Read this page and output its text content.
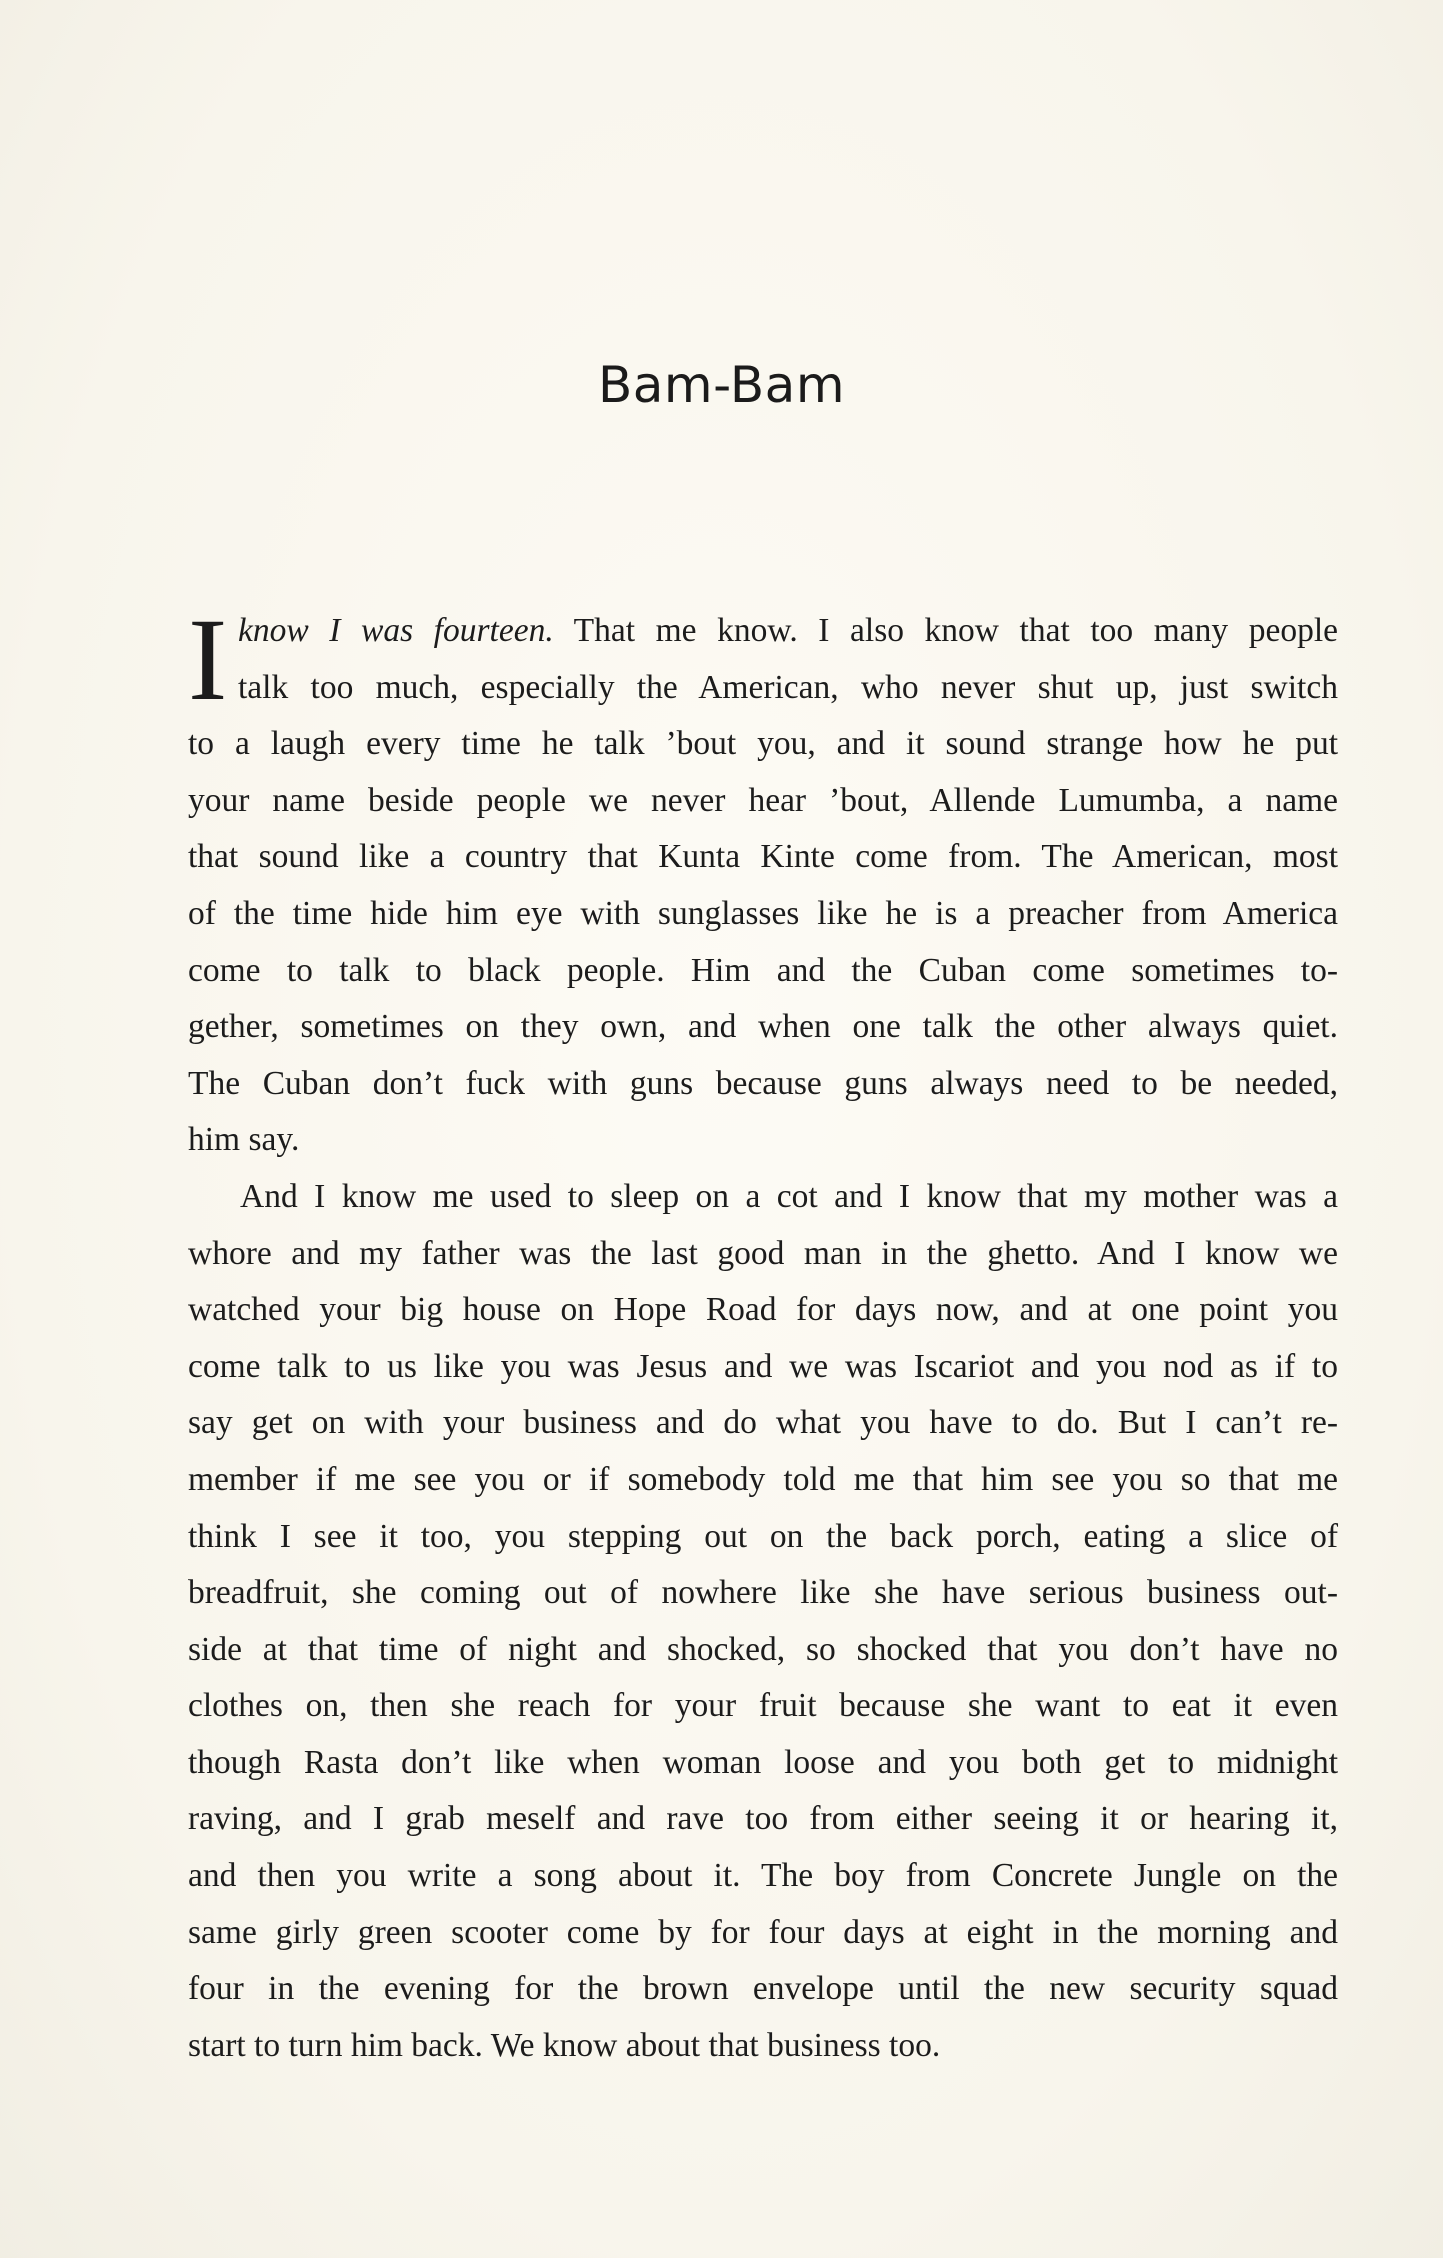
Bam-Bam
I know I was fourteen. That me know. I also know that too many people
talk too much, especially the American, who never shut up, just switch
to a laugh every time he talk ’bout you, and it sound strange how he put
your name beside people we never hear ’bout, Allende Lumumba, a name
that sound like a country that Kunta Kinte come from. The American, most
of the time hide him eye with sunglasses like he is a preacher from America
come to talk to black people. Him and the Cuban come sometimes to-
gether, sometimes on they own, and when one talk the other always quiet.
The Cuban don’t fuck with guns because guns always need to be needed,
him say.
And I know me used to sleep on a cot and I know that my mother was a
whore and my father was the last good man in the ghetto. And I know we
watched your big house on Hope Road for days now, and at one point you
come talk to us like you was Jesus and we was Iscariot and you nod as if to
say get on with your business and do what you have to do. But I can’t re-
member if me see you or if somebody told me that him see you so that me
think I see it too, you stepping out on the back porch, eating a slice of
breadfruit, she coming out of nowhere like she have serious business out-
side at that time of night and shocked, so shocked that you don’t have no
clothes on, then she reach for your fruit because she want to eat it even
though Rasta don’t like when woman loose and you both get to midnight
raving, and I grab meself and rave too from either seeing it or hearing it,
and then you write a song about it. The boy from Concrete Jungle on the
same girly green scooter come by for four days at eight in the morning and
four in the evening for the brown envelope until the new security squad
start to turn him back. We know about that business too.
